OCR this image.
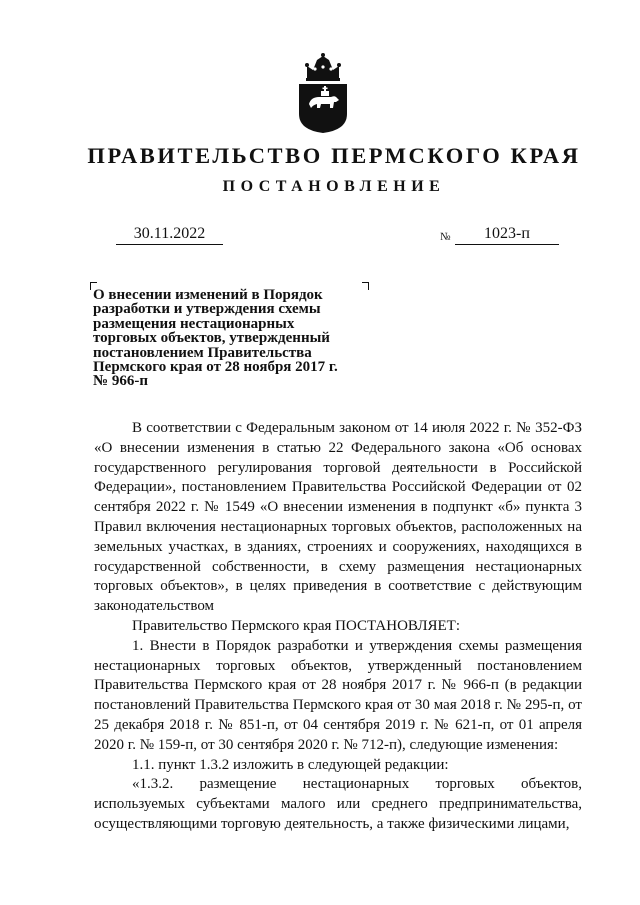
ПРАВИТЕЛЬСТВО ПЕРМСКОГО КРАЯ
ПОСТАНОВЛЕНИЕ
30.11.2022	№	1023-п
О внесении изменений в Порядок
разработки и утверждения схемы
размещения нестационарных
торговых объектов, утвержденный
постановлением Правительства
Пермского края от 28 ноября 2017 г.
№ 966-п

В соответствии с Федеральным законом от 14 июля 2022 г. № 352-ФЗ «О внесении изменения в статью 22 Федерального закона «Об основах государственного регулирования торговой деятельности в Российской Федерации», постановлением Правительства Российской Федерации от 02 сентября 2022 г. № 1549 «О внесении изменения в подпункт «б» пункта 3 Правил включения нестационарных торговых объектов, расположенных на земельных участках, в зданиях, строениях и сооружениях, находящихся в государственной собственности, в схему размещения нестационарных торговых объектов», в целях приведения в соответствие с действующим законодательством

Правительство Пермского края ПОСТАНОВЛЯЕТ:

1. Внести в Порядок разработки и утверждения схемы размещения нестационарных торговых объектов, утвержденный постановлением Правительства Пермского края от 28 ноября 2017 г. № 966-п (в редакции постановлений Правительства Пермского края от 30 мая 2018 г. № 295-п, от 25 декабря 2018 г. № 851-п, от 04 сентября 2019 г. № 621-п, от 01 апреля 2020 г. № 159-п, от 30 сентября 2020 г. № 712-п), следующие изменения:

1.1. пункт 1.3.2 изложить в следующей редакции:

«1.3.2. размещение нестационарных торговых объектов, используемых субъектами малого или среднего предпринимательства, осуществляющими торговую деятельность, а также физическими лицами,
